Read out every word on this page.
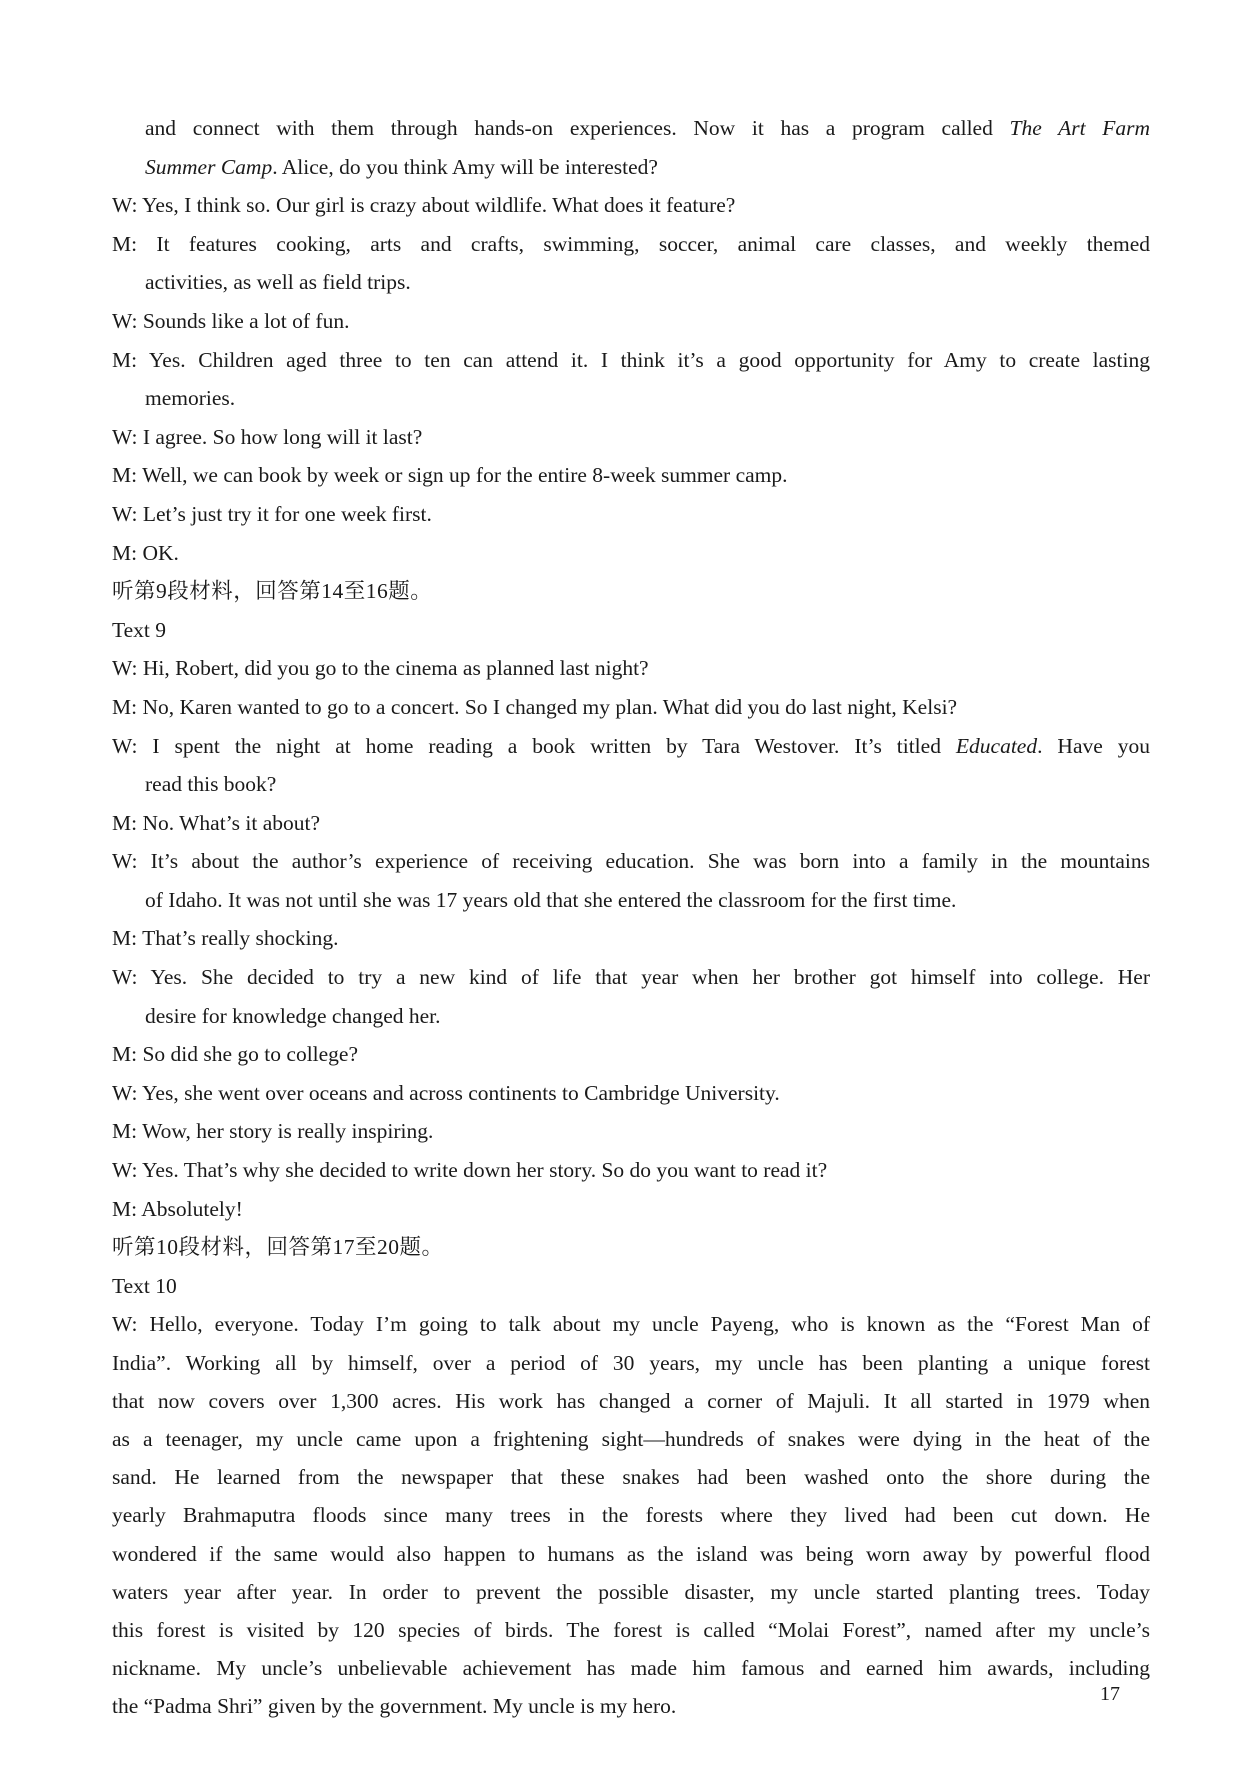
and connect with them through hands-on experiences. Now it has a program called The Art Farm
Summer Camp. Alice, do you think Amy will be interested?
W: Yes, I think so. Our girl is crazy about wildlife. What does it feature?
M: It features cooking, arts and crafts, swimming, soccer, animal care classes, and weekly themed
activities, as well as field trips.
W: Sounds like a lot of fun.
M: Yes. Children aged three to ten can attend it. I think it’s a good opportunity for Amy to create lasting
memories.
W: I agree. So how long will it last?
M: Well, we can book by week or sign up for the entire 8-week summer camp.
W: Let’s just try it for one week first.
M: OK.
听第9段材料，回答第14至16题。
Text 9
W: Hi, Robert, did you go to the cinema as planned last night?
M: No, Karen wanted to go to a concert. So I changed my plan. What did you do last night, Kelsi?
W: I spent the night at home reading a book written by Tara Westover. It’s titled Educated. Have you
read this book?
M: No. What’s it about?
W: It’s about the author’s experience of receiving education. She was born into a family in the mountains
of Idaho. It was not until she was 17 years old that she entered the classroom for the first time.
M: That’s really shocking.
W: Yes. She decided to try a new kind of life that year when her brother got himself into college. Her
desire for knowledge changed her.
M: So did she go to college?
W: Yes, she went over oceans and across continents to Cambridge University.
M: Wow, her story is really inspiring.
W: Yes. That’s why she decided to write down her story. So do you want to read it?
M: Absolutely!
听第10段材料，回答第17至20题。
Text 10
W: Hello, everyone. Today I’m going to talk about my uncle Payeng, who is known as the “Forest Man of
India”. Working all by himself, over a period of 30 years, my uncle has been planting a unique forest
that now covers over 1,300 acres. His work has changed a corner of Majuli. It all started in 1979 when
as a teenager, my uncle came upon a frightening sight—hundreds of snakes were dying in the heat of the
sand. He learned from the newspaper that these snakes had been washed onto the shore during the
yearly Brahmaputra floods since many trees in the forests where they lived had been cut down. He
wondered if the same would also happen to humans as the island was being worn away by powerful flood
waters year after year. In order to prevent the possible disaster, my uncle started planting trees. Today
this forest is visited by 120 species of birds. The forest is called “Molai Forest”, named after my uncle’s
nickname. My uncle’s unbelievable achievement has made him famous and earned him awards, including
the “Padma Shri” given by the government. My uncle is my hero.
17
